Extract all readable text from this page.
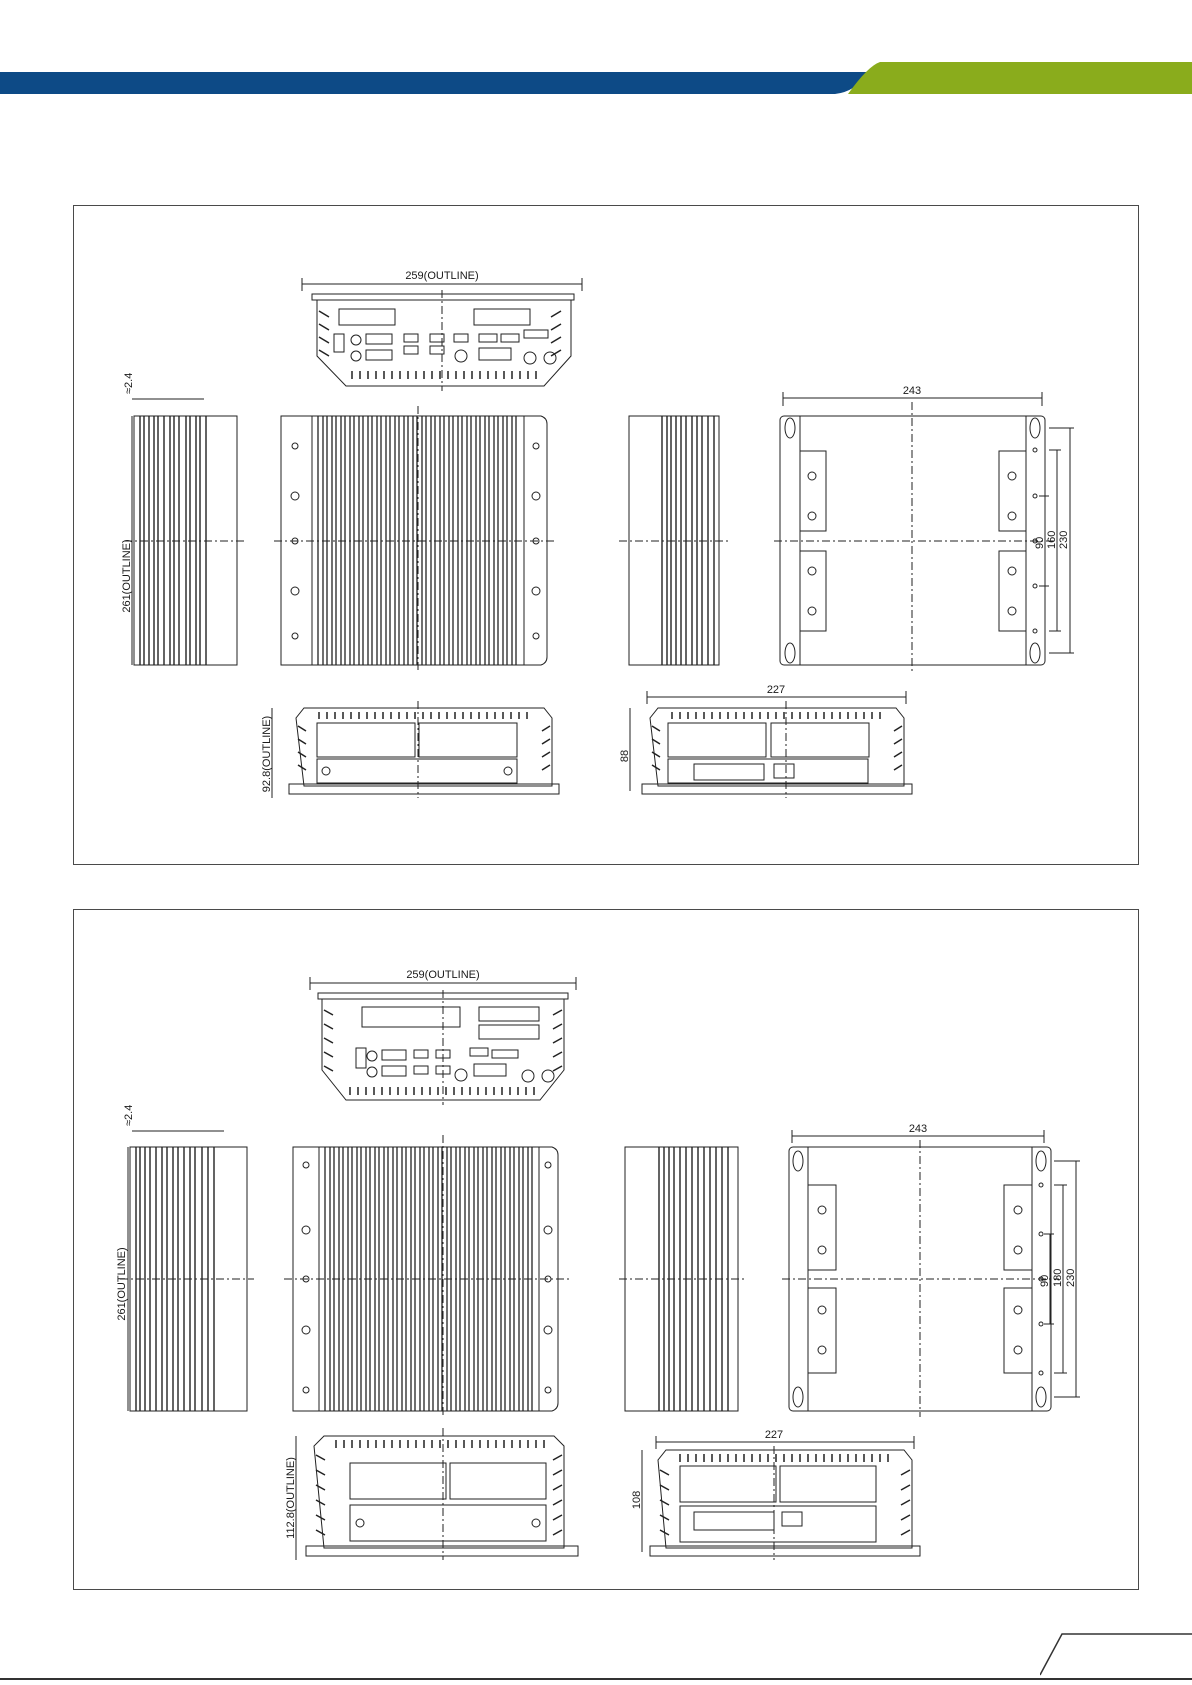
259(OUTLINE)
≈2.4
261(OUTLINE)
243
90 160 230
92.8(OUTLINE)
227
88
259(OUTLINE)
≈2.4
261(OUTLINE)
243
90 180 230
112.8(OUTLINE)
227
108
